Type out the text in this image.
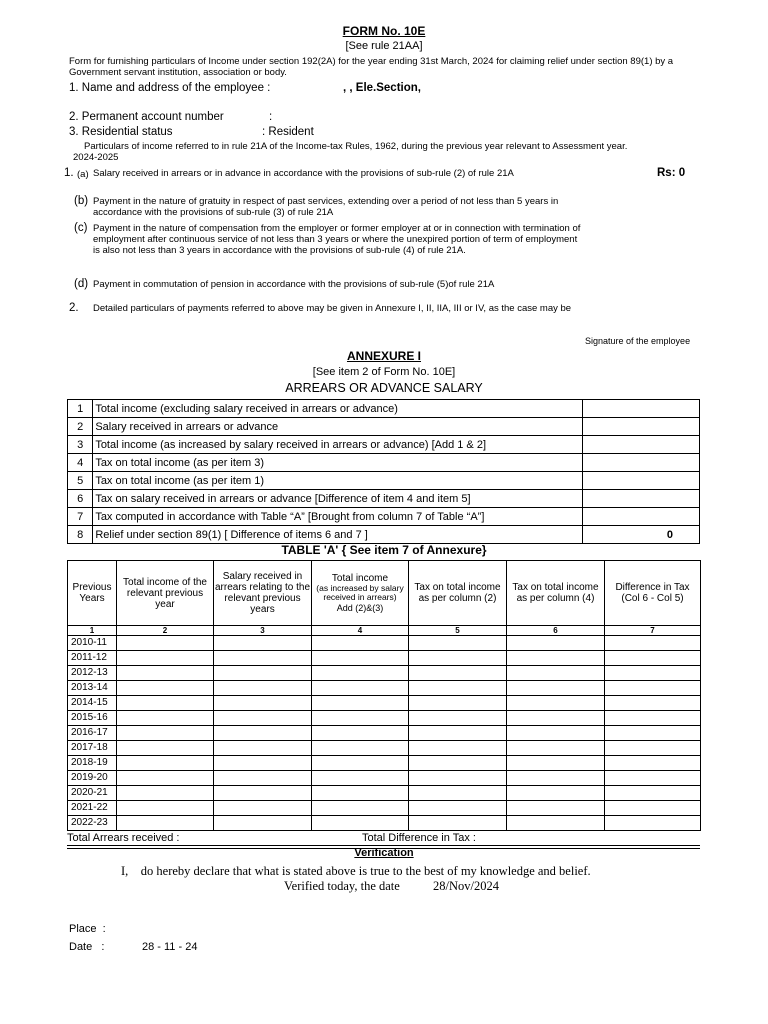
FORM No. 10E
[See rule 21AA]
Form for furnishing particulars of Income under section 192(2A) for the year ending 31st March, 2024 for claiming relief under section 89(1) by a Government servant institution, association or body.
1. Name and address of the employee :	, , Ele.Section,
2. Permanent account number	:
3. Residential status	: Resident
Particulars of income referred to in rule 21A of the Income-tax Rules, 1962, during the previous year relevant to Assessment year.
2024-2025
1. (a) Salary received in arrears or in advance in accordance with the provisions of sub-rule (2) of rule 21A	Rs: 0
(b) Payment in the nature of gratuity in respect of past services, extending over a period of not less than 5 years in accordance with the provisions of sub-rule (3) of rule 21A
(c) Payment in the nature of compensation from the employer or former employer at or in connection with termination of employment after continuous service of not less than 3 years or where the unexpired portion of term of employment is also not less than 3 years in accordance with the provisions of sub-rule (4) of rule 21A.
(d) Payment in commutation of pension in accordance with the provisions of sub-rule (5)of rule 21A
2. Detailed particulars of payments referred to above may be given in Annexure I, II, IIA, III or IV, as the case may be
Signature of the employee
ANNEXURE I
[See item 2 of Form No. 10E]
ARREARS OR ADVANCE SALARY
1	Total income (excluding salary received in arrears or advance)	
2	Salary received in arrears or advance	
3	Total income (as increased by salary received in arrears or advance) [Add 1 & 2]	
4	Tax on total income (as per item 3)	
5	Tax on total income (as per item 1)	
6	Tax on salary received in arrears or advance [Difference of item 4 and item 5]	
7	Tax computed in accordance with Table “A” [Brought from column 7 of Table “A”]	
8	Relief under section 89(1) [ Difference of items 6 and 7 ]	0
TABLE 'A' { See item 7 of Annexure}
Previous Years	Total income of the relevant previous year	Salary received in arrears relating to the relevant previous years	Total income
(as increased by salary received in arrears)
Add (2)&(3)	Tax on total income as per column (2)	Tax on total income as per column (4)	Difference in Tax (Col 6 - Col 5)
1	2	3	4	5	6	7
2010-11						
2011-12						
2012-13						
2013-14						
2014-15						
2015-16						
2016-17						
2017-18						
2018-19						
2019-20						
2020-21						
2021-22						
2022-23						
Total Arrears received :	Total Difference in Tax :
Verification
I,    do hereby declare that what is stated above is true to the best of my knowledge and belief.
Verified today, the date	28/Nov/2024
Place  :
Date   :	28 - 11 - 24
